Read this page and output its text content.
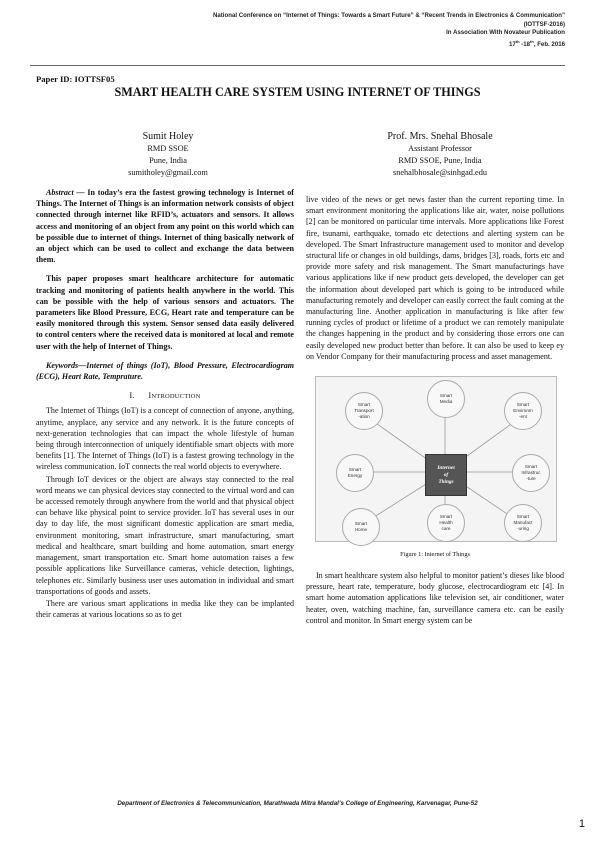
National Conference on “Internet of Things: Towards a Smart Future” & “Recent Trends in Electronics & Communication”
(IOTTSF-2016)
In Association With Novateur Publication
17th -18th, Feb. 2016
Paper ID: IOTTSF05
SMART HEALTH CARE SYSTEM USING INTERNET OF THINGS
Sumit Holey
RMD SSOE
Pune, India
sumitholey@gmail.com
Prof. Mrs. Snehal Bhosale
Assistant Professor
RMD SSOE, Pune, India
snehalbhosale@sinhgad.edu

Abstract — In today’s era the fastest growing technology is Internet of Things. The Internet of Things is an information network consists of object connected through internet like RFID’s, actuators and sensors. It allows access and monitoring of an object from any point on this world which can be possible due to internet of things. Internet of thing basically network of an object which can be used to collect and exchange the data between them.

This paper proposes smart healthcare architecture for automatic tracking and monitoring of patients health anywhere in the world. This can be possible with the help of various sensors and actuators. The parameters like Blood Pressure, ECG, Heart rate and temperature can be easily monitored through this system. Sensor sensed data easily delivered to control centers where the received data is monitored at local and remote user with the help of Internet of Things.

Keywords—Internet of things (IoT), Blood Pressure, Electrocardiogram (ECG), Heart Rate, Temprature.

I. INTRODUCTION

The Internet of Things (IoT) is a concept of connection of anyone, anything, anytime, anyplace, any service and any network. It is the future concepts of next-generation technologies that can impact the whole lifestyle of human being through interconnection of uniquely identifiable smart objects with more benefits [1]. The Internet of Things (IoT) is a fastest growing technology in the wireless communication. IoT connects the real world objects to everywhere.

Through IoT devices or the object are always stay connected to the real word means we can physical devices stay connected to the virtual word and can be accessed remotely through anywhere from the world and that physical object can behave like physical point to service provider. IoT has several uses in our day to day life, the most significant domestic application are smart media, environment monitoring, smart infrastructure, smart manufacturing, smart medical and healthcare, smart building and home automation, smart energy management, smart transportation etc. Smart home automation raises a few possible applications like Surveillance cameras, vehicle detection, lightings, telephones etc. Similarly business user uses automation in individual and smart transportations of goods and assets.

There are various smart applications in media like they can be implanted their cameras at various locations so as to get

live video of the news or get news faster than the current reporting time. In smart environment monitoring the applications like air, water, noise pollutions [2] can be monitored on particular time intervals. More applications like Forest fire, tsunami, earthquake, tornado etc detections and alerting system can be developed. The Smart Infrastructure management used to monitor and develop structural life or changes in old buildings, dams, bridges [3], roads, forts etc and provide more safety and risk management. The Smart manufacturings have various applications like if new product gets developed, the developer can get the information about developed part which is going to be introduced while manufacturing remotely and developer can easily correct the fault coming at the manufacturing line. Another application in manufacturing is like after few running cycles of product or lifetime of a product we can remotely manipulate the changes happening in the product and by considering those errors one can easily developed new product better than before. It can also be used to keep ey on Vendor Company for their manufacturing process and asset management.

Smart
Transport
-ation
Smart
Media
Smart
Environm
-ent
Smart
Energy
Internet
of
Things
Smart
Infrastruc
-ture
Smart
Home
Smart
Health
care
Smart
Manufact
-uring
Figure 1: Internet of Things

In smart healthcare system also helpful to monitor patient’s dieses like blood pressure, heart rate, temperature, body glucose, electrocardiogram etc [4]. In smart home automation applications like television set, air conditioner, water heater, oven, watching machine, fan, surveillance camera etc. can be easily control and monitor. In Smart energy system can be

Department of Electronics & Telecommunication, Marathwada Mitra Mandal’s College of Engineering, Karvenagar, Pune-52
1
